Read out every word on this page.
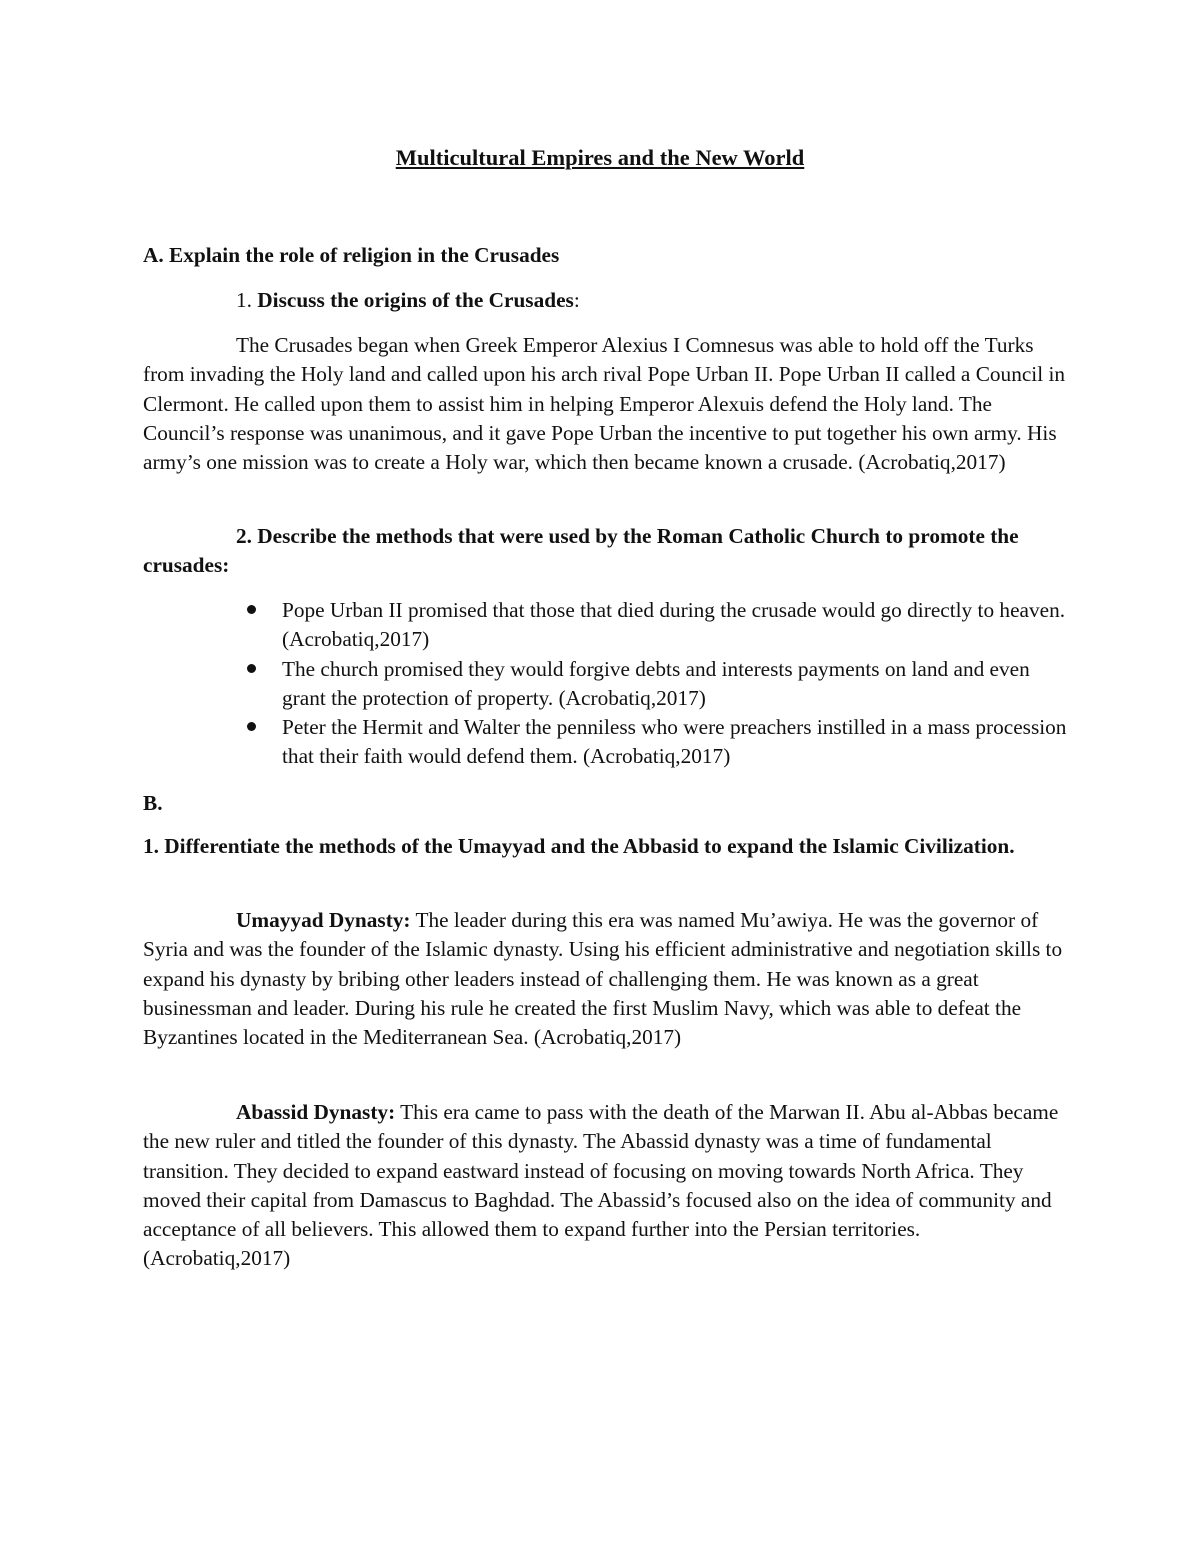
Multicultural Empires and the New World

A. Explain the role of religion in the Crusades

1. Discuss the origins of the Crusades:

The Crusades began when Greek Emperor Alexius I Comnesus was able to hold off the Turks from invading the Holy land and called upon his arch rival Pope Urban II. Pope Urban II called a Council in Clermont. He called upon them to assist him in helping Emperor Alexuis defend the Holy land. The Council’s response was unanimous, and it gave Pope Urban the incentive to put together his own army. His army’s one mission was to create a Holy war, which then became known a crusade. (Acrobatiq,2017)

2. Describe the methods that were used by the Roman Catholic Church to promote the crusades:

Pope Urban II promised that those that died during the crusade would go directly to heaven. (Acrobatiq,2017)
The church promised they would forgive debts and interests payments on land and even grant the protection of property. (Acrobatiq,2017)
Peter the Hermit and Walter the penniless who were preachers instilled in a mass procession that their faith would defend them. (Acrobatiq,2017)

B.

1. Differentiate the methods of the Umayyad and the Abbasid to expand the Islamic Civilization.

Umayyad Dynasty: The leader during this era was named Mu’awiya. He was the governor of Syria and was the founder of the Islamic dynasty. Using his efficient administrative and negotiation skills to expand his dynasty by bribing other leaders instead of challenging them. He was known as a great businessman and leader. During his rule he created the first Muslim Navy, which was able to defeat the Byzantines located in the Mediterranean Sea. (Acrobatiq,2017)

Abassid Dynasty: This era came to pass with the death of the Marwan II. Abu al-Abbas became the new ruler and titled the founder of this dynasty. The Abassid dynasty was a time of fundamental transition. They decided to expand eastward instead of focusing on moving towards North Africa. They moved their capital from Damascus to Baghdad. The Abassid’s focused also on the idea of community and acceptance of all believers. This allowed them to expand further into the Persian territories. (Acrobatiq,2017)
